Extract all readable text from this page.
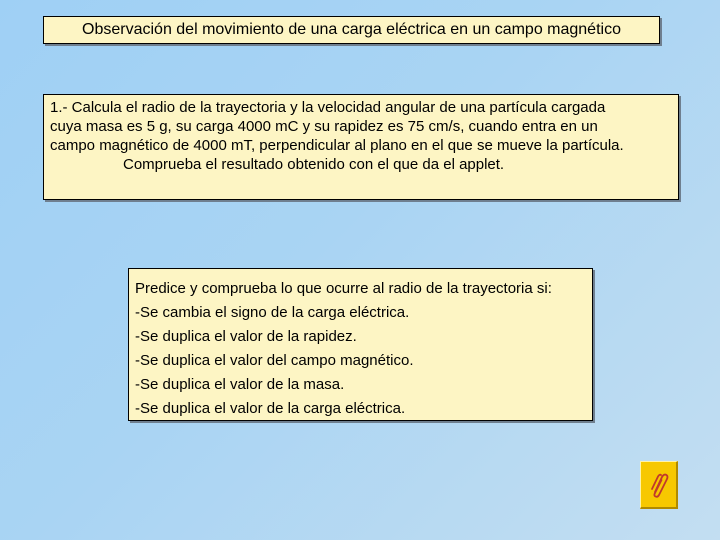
Observación del movimiento de una carga eléctrica en un campo magnético
1.- Calcula el radio de la trayectoria y la velocidad angular de una partícula cargada
cuya masa es 5 g, su carga 4000 mC y su rapidez es 75 cm/s, cuando entra en un
campo magnético de 4000 mT, perpendicular al plano en el que se mueve la partícula.
Comprueba el resultado obtenido con el que da el applet.
Predice y comprueba lo que ocurre al radio de la trayectoria si:
-Se cambia el signo de la carga eléctrica.
-Se duplica el valor de la rapidez.
-Se duplica el valor del campo magnético.
-Se duplica el valor de la masa.
-Se duplica el valor de la carga eléctrica.
